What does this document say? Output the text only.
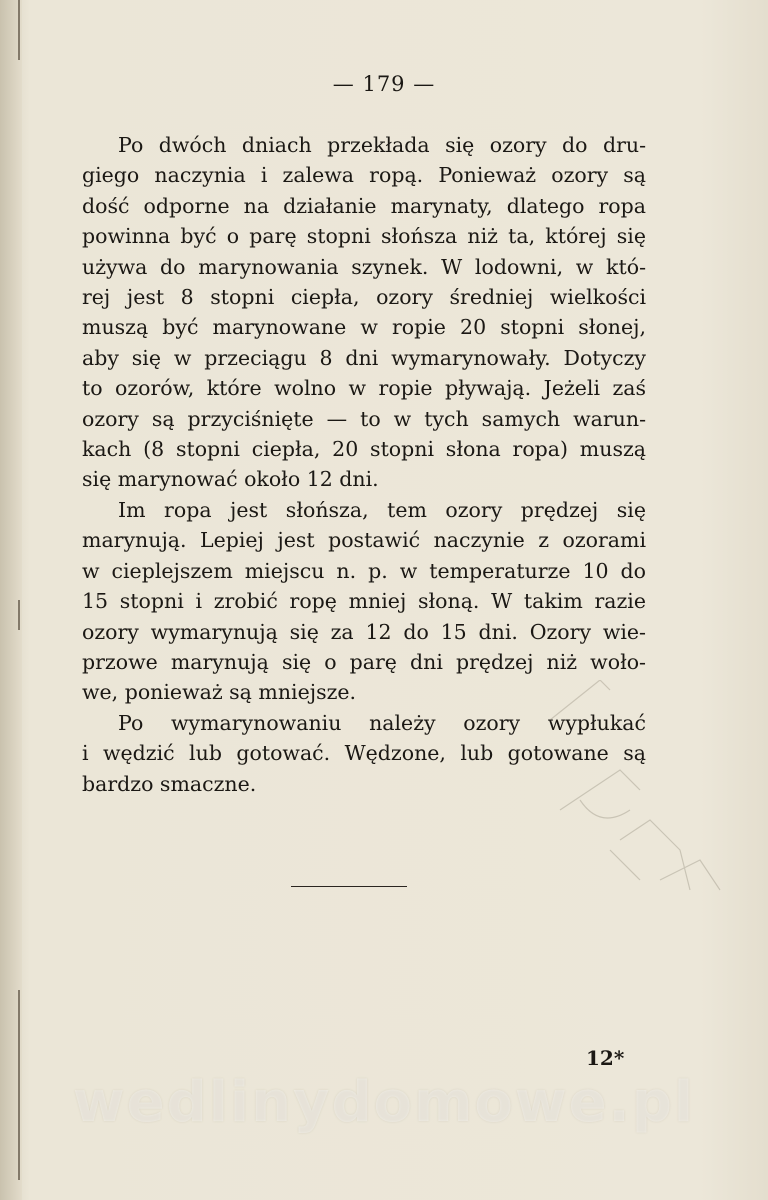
— 179 —
Po dwóch dniach przekłada się ozory do dru-
giego naczynia i zalewa ropą. Ponieważ ozory są
dość odporne na działanie marynaty, dlatego ropa
powinna być o parę stopni słońsza niż ta, której się
używa do marynowania szynek. W lodowni, w któ-
rej jest 8 stopni ciepła, ozory średniej wielkości
muszą być marynowane w ropie 20 stopni słonej,
aby się w przeciągu 8 dni wymarynowały. Dotyczy
to ozorów, które wolno w ropie pływają. Jeżeli zaś
ozory są przyciśnięte — to w tych samych warun-
kach (8 stopni ciepła, 20 stopni słona ropa) muszą
się marynować około 12 dni.
Im ropa jest słońsza, tem ozory prędzej się
marynują. Lepiej jest postawić naczynie z ozorami
w cieplejszem miejscu n. p. w temperaturze 10 do
15 stopni i zrobić ropę mniej słoną. W takim razie
ozory wymarynują się za 12 do 15 dni. Ozory wie-
przowe marynują się o parę dni prędzej niż woło-
we, ponieważ są mniejsze.
Po wymarynowaniu należy ozory wypłukać
i wędzić lub gotować. Wędzone, lub gotowane są
bardzo smaczne.
12*
wedlinydomowe.pl
